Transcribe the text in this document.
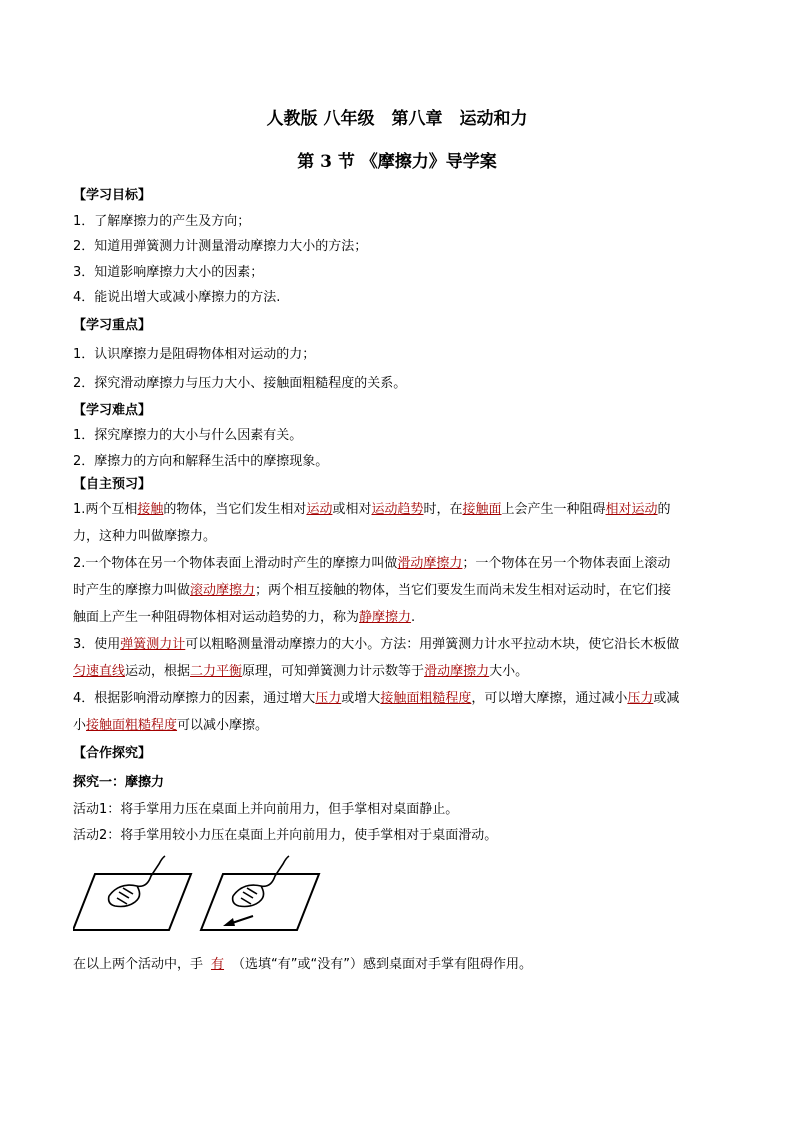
人教版 八年级　第八章　运动和力
第 3 节 《摩擦力》导学案
【学习目标】
1．了解摩擦力的产生及方向；
2．知道用弹簧测力计测量滑动摩擦力大小的方法；
3．知道影响摩擦力大小的因素；
4．能说出增大或减小摩擦力的方法.
【学习重点】
1．认识摩擦力是阻碍物体相对运动的力；
2．探究滑动摩擦力与压力大小、接触面粗糙程度的关系。
【学习难点】
1．探究摩擦力的大小与什么因素有关。
2．摩擦力的方向和解释生活中的摩擦现象。
【自主预习】
1.两个互相接触的物体，当它们发生相对运动或相对运动趋势时，在接触面上会产生一种阻碍相对运动的
力，这种力叫做摩擦力。
2.一个物体在另一个物体表面上滑动时产生的摩擦力叫做滑动摩擦力；一个物体在另一个物体表面上滚动
时产生的摩擦力叫做滚动摩擦力；两个相互接触的物体，当它们要发生而尚未发生相对运动时，在它们接
触面上产生一种阻碍物体相对运动趋势的力，称为静摩擦力.
3．使用弹簧测力计可以粗略测量滑动摩擦力的大小。方法：用弹簧测力计水平拉动木块，使它沿长木板做
匀速直线运动，根据二力平衡原理，可知弹簧测力计示数等于滑动摩擦力大小。
4．根据影响滑动摩擦力的因素，通过增大压力或增大接触面粗糙程度，可以增大摩擦，通过减小压力或减
小接触面粗糙程度可以减小摩擦。
【合作探究】
探究一：摩擦力
活动1：将手掌用力压在桌面上并向前用力，但手掌相对桌面静止。
活动2：将手掌用较小力压在桌面上并向前用力，使手掌相对于桌面滑动。
在以上两个活动中，手 有 （选填“有”或“没有”）感到桌面对手掌有阻碍作用。
